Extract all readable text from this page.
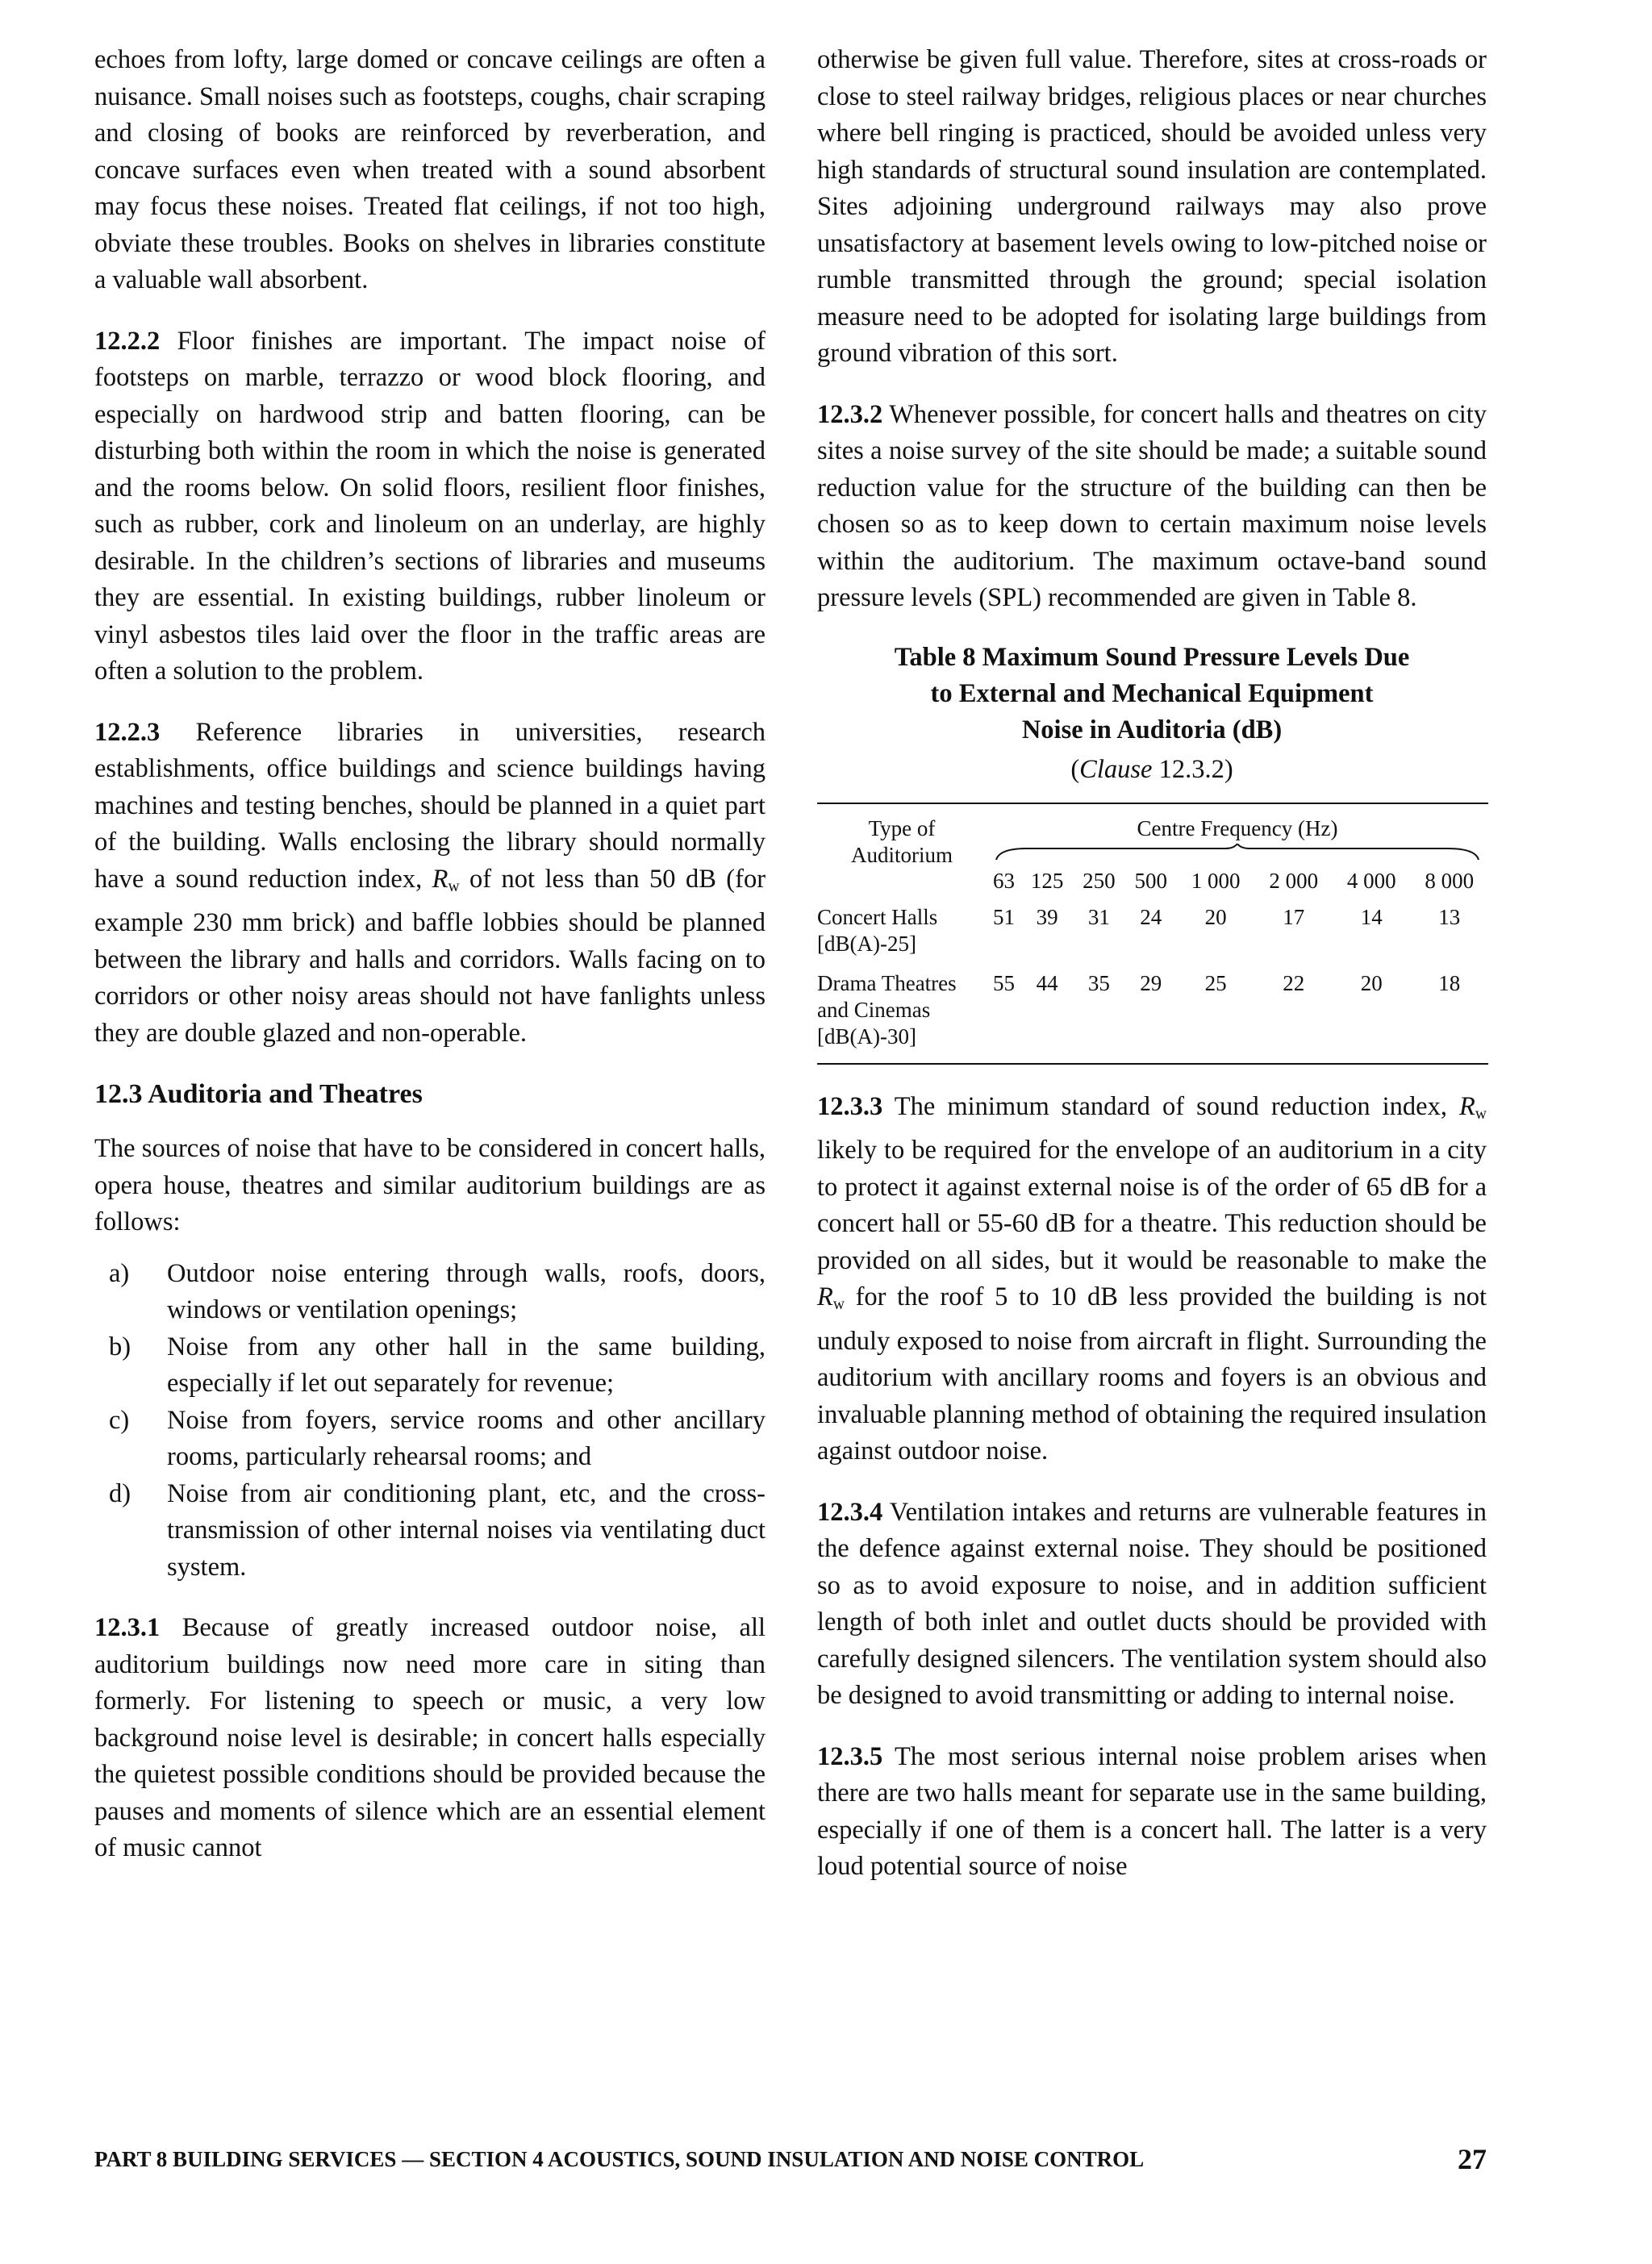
echoes from lofty, large domed or concave ceilings are often a nuisance. Small noises such as footsteps, coughs, chair scraping and closing of books are reinforced by reverberation, and concave surfaces even when treated with a sound absorbent may focus these noises. Treated flat ceilings, if not too high, obviate these troubles. Books on shelves in libraries constitute a valuable wall absorbent.

12.2.2 Floor finishes are important. The impact noise of footsteps on marble, terrazzo or wood block flooring, and especially on hardwood strip and batten flooring, can be disturbing both within the room in which the noise is generated and the rooms below. On solid floors, resilient floor finishes, such as rubber, cork and linoleum on an underlay, are highly desirable. In the children’s sections of libraries and museums they are essential. In existing buildings, rubber linoleum or vinyl asbestos tiles laid over the floor in the traffic areas are often a solution to the problem.

12.2.3 Reference libraries in universities, research establishments, office buildings and science buildings having machines and testing benches, should be planned in a quiet part of the building. Walls enclosing the library should normally have a sound reduction index, $R_w$ of not less than 50 dB (for example 230 mm brick) and baffle lobbies should be planned between the library and halls and corridors. Walls facing on to corridors or other noisy areas should not have fanlights unless they are double glazed and non-operable.

12.3 Auditoria and Theatres

The sources of noise that have to be considered in concert halls, opera house, theatres and similar auditorium buildings are as follows:

a)	Outdoor noise entering through walls, roofs, doors, windows or ventilation openings;
b)	Noise from any other hall in the same building, especially if let out separately for revenue;
c)	Noise from foyers, service rooms and other ancillary rooms, particularly rehearsal rooms; and
d)	Noise from air conditioning plant, etc, and the cross-transmission of other internal noises via ventilating duct system.

12.3.1 Because of greatly increased outdoor noise, all auditorium buildings now need more care in siting than formerly. For listening to speech or music, a very low background noise level is desirable; in concert halls especially the quietest possible conditions should be provided because the pauses and moments of silence which are an essential element of music cannot

otherwise be given full value. Therefore, sites at cross-roads or close to steel railway bridges, religious places or near churches where bell ringing is practiced, should be avoided unless very high standards of structural sound insulation are contemplated. Sites adjoining underground railways may also prove unsatisfactory at basement levels owing to low-pitched noise or rumble transmitted through the ground; special isolation measure need to be adopted for isolating large buildings from ground vibration of this sort.

12.3.2 Whenever possible, for concert halls and theatres on city sites a noise survey of the site should be made; a suitable sound reduction value for the structure of the building can then be chosen so as to keep down to certain maximum noise levels within the auditorium. The maximum octave-band sound pressure levels (SPL) recommended are given in Table 8.

Table 8 Maximum Sound Pressure Levels Due
to External and Mechanical Equipment
Noise in Auditoria (dB)
(Clause 12.3.2)
Type of Auditorium	Centre Frequency (Hz)							

	63	125	250	500	1 000	2 000	4 000	8 000

Concert Halls
[dB(A)-25]	51	39	31	24	20	17	14	13

Drama Theatres
and Cinemas
[dB(A)-30]	55	44	35	29	25	22	20	18

12.3.3 The minimum standard of sound reduction index, $R_w$ likely to be required for the envelope of an auditorium in a city to protect it against external noise is of the order of 65 dB for a concert hall or 55-60 dB for a theatre. This reduction should be provided on all sides, but it would be reasonable to make the $R_w$ for the roof 5 to 10 dB less provided the building is not unduly exposed to noise from aircraft in flight. Surrounding the auditorium with ancillary rooms and foyers is an obvious and invaluable planning method of obtaining the required insulation against outdoor noise.

12.3.4 Ventilation intakes and returns are vulnerable features in the defence against external noise. They should be positioned so as to avoid exposure to noise, and in addition sufficient length of both inlet and outlet ducts should be provided with carefully designed silencers. The ventilation system should also be designed to avoid transmitting or adding to internal noise.

12.3.5 The most serious internal noise problem arises when there are two halls meant for separate use in the same building, especially if one of them is a concert hall. The latter is a very loud potential source of noise

PART 8 BUILDING SERVICES — SECTION 4 ACOUSTICS, SOUND INSULATION AND NOISE CONTROL	27
